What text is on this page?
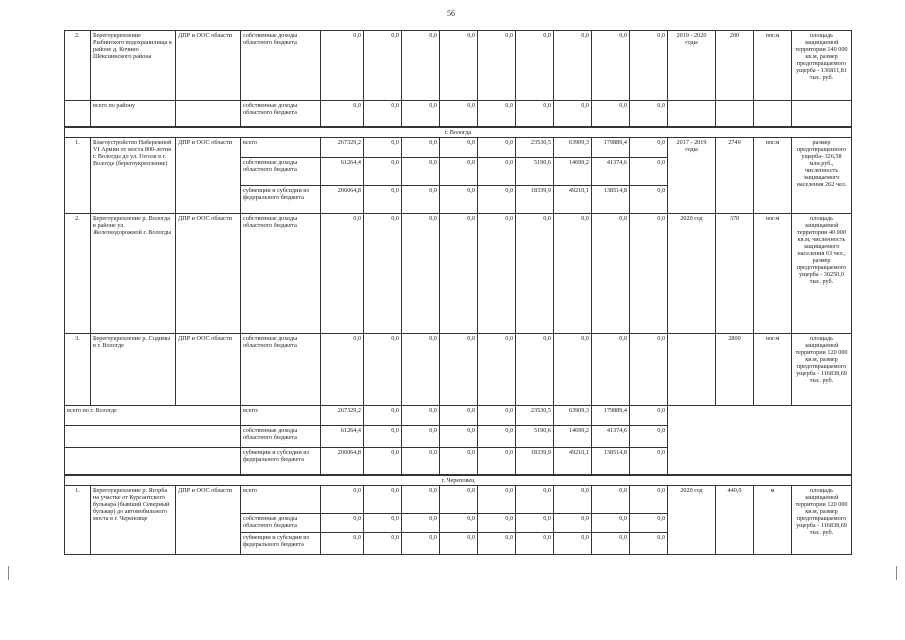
56
2.	Берегоукрепление Рыбинского водохранилища в районе д. Кочино Шекснинского района	ДПР и ООС области	собственные доходы областного бюджета	0,0	0,0	0,0	0,0	0,0	0,0	0,0	0,0	0,0	2019 - 2020 годы	200	пог.м	площадь защищаемой территории 140 000 кв.м, размер предотвращаемого ущерба - 136811,81 тыс. руб.
	всего по району		собственные доходы областного бюджета	0,0	0,0	0,0	0,0	0,0	0,0	0,0	0,0	0,0				
г. Вологда																
1.	Благоустройство Набережной VI Армии от моста 800-летия г. Вологды до ул. Гоголя в г. Вологде (берегоукрепление)	ДПР и ООС области	всего	267329,2	0,0	0,0	0,0	0,0	23530,5	63909,3	179889,4	0,0	2017 - 2019 годы	2749	пог.м	размер предотвращенного ущерба- 326,58 млн.руб., численность защищаемого населения 262 чел.
			собственные доходы областного бюджета	61264,4	0,0	0,0	0,0	0,0	5190,6	14699,2	41374,6	0,0				
			субвенции и субсидии из федерального бюджета	206064,8	0,0	0,0	0,0	0,0	18339,9	49210,1	138514,8	0,0				
2.	Берегоукрепление р. Вологда в районе ул. Железнодорожной г. Вологды	ДПР и ООС области	собственные доходы областного бюджета	0,0	0,0	0,0	0,0	0,0	0,0	0,0	0,0	0,0	2020 год	370	пог.м	площадь защищаемой территории 40 000 кв.м, численность защищаемого населения 63 чел., размер предотвращаемого ущерба - 30250,0 тыс. руб.
3.	Берегоукрепление р. Содимы в г. Вологде	ДПР и ООС области	собственные доходы областного бюджета	0,0	0,0	0,0	0,0	0,0	0,0	0,0	0,0	0,0		2800	пог.м	площадь защищаемой территории 120 000 кв.м, размер предотвращаемого ущерба - 116838,69 тыс. руб.
всего по г. Вологде			всего:	267329,2	0,0	0,0	0,0	0,0	23530,5	63909,3	179889,4	0,0				
			собственные доходы областного бюджета	61264,4	0,0	0,0	0,0	0,0	5190,6	14699,2	41374,6	0,0				
			субвенции и субсидии из федерального бюджета	206064,8	0,0	0,0	0,0	0,0	18339,9	49210,1	138514,8	0,0				
г. Череповец																
1.	Берегоукрепление р. Ягорба на участке от Курсантского бульвара (бывший Северный бульвар) до автомобильного моста в г. Череповце	ДПР и ООС области	всего	0,0	0,0	0,0	0,0	0,0	0,0	0,0	0,0	0,0	2020 год	440,0	м	площадь защищаемой территории 120 000 кв.м, размер предотвращаемого ущерба - 116838,69 тыс. руб.
			собственные доходы областного бюджета	0,0	0,0	0,0	0,0	0,0	0,0	0,0	0,0	0,0				
			субвенции и субсидии из федерального бюджета	0,0	0,0	0,0	0,0	0,0	0,0	0,0	0,0	0,0				
